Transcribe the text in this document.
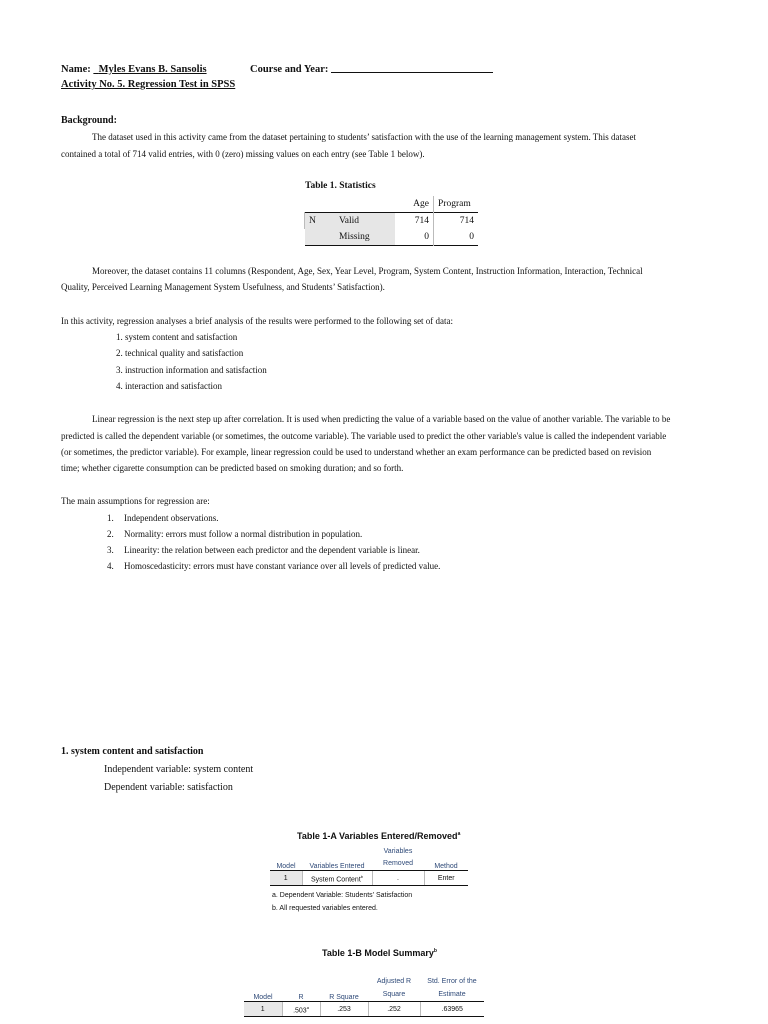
Name: Myles Evans B. Sansolis	Course and Year:
Activity No. 5. Regression Test in SPSS
Background:
The dataset used in this activity came from the dataset pertaining to students’ satisfaction with the use of the learning management system. This dataset
contained a total of 714 valid entries, with 0 (zero) missing values on each entry (see Table 1 below).
Table 1. Statistics
		Age	Program
N	Valid	714	714
	Missing	0	0
Moreover, the dataset contains 11 columns (Respondent, Age, Sex, Year Level, Program, System Content, Instruction Information, Interaction, Technical
Quality, Perceived Learning Management System Usefulness, and Students’ Satisfaction).
In this activity, regression analyses a brief analysis of the results were performed to the following set of data:
1. system content and satisfaction
2. technical quality and satisfaction
3. instruction information and satisfaction
4. interaction and satisfaction
Linear regression is the next step up after correlation. It is used when predicting the value of a variable based on the value of another variable. The variable to be
predicted is called the dependent variable (or sometimes, the outcome variable). The variable used to predict the other variable's value is called the independent variable
(or sometimes, the predictor variable). For example, linear regression could be used to understand whether an exam performance can be predicted based on revision
time; whether cigarette consumption can be predicted based on smoking duration; and so forth.
The main assumptions for regression are:
1. Independent observations.
2. Normality: errors must follow a normal distribution in population.
3. Linearity: the relation between each predictor and the dependent variable is linear.
4. Homoscedasticity: errors must have constant variance over all levels of predicted value.
1. system content and satisfaction
Independent variable: system content
Dependent variable: satisfaction
Table 1-A Variables Entered/Removed$^a$
Model	Variables Entered	Variables Removed	Method
1	System Content$^b$	.	Enter
a. Dependent Variable: Students' Satisfaction
b. All requested variables entered.
Table 1-B Model Summary$^b$
Model	R	R Square	Adjusted R Square	Std. Error of the Estimate
1	.503$^a$	.253	.252	.63965
